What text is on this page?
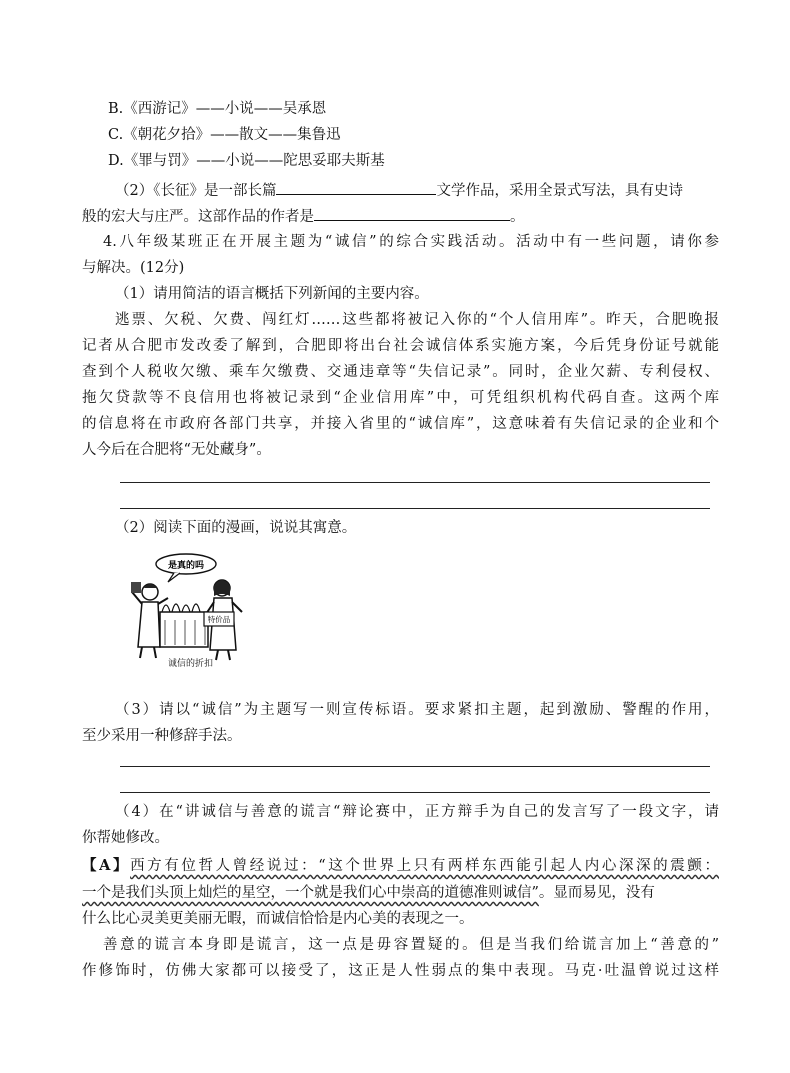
B.《西游记》——小说——吴承恩
C.《朝花夕拾》——散文——集鲁迅
D.《罪与罚》——小说——陀思妥耶夫斯基
（2）《长征》是一部长篇	文学作品，采用全景式写法，具有史诗
般的宏大与庄严。这部作品的作者是	。
4.八年级某班正在开展主题为“诚信”的综合实践活动。活动中有一些问题，请你参
与解决。(12分)
（1）请用简洁的语言概括下列新闻的主要内容。
逃票、欠税、欠费、闯红灯……这些都将被记入你的“个人信用库”。昨天，合肥晚报
记者从合肥市发改委了解到，合肥即将出台社会诚信体系实施方案，今后凭身份证号就能
查到个人税收欠缴、乘车欠缴费、交通违章等“失信记录”。同时，企业欠薪、专利侵权、
拖欠贷款等不良信用也将被记录到“企业信用库”中，可凭组织机构代码自查。这两个库
的信息将在市政府各部门共享，并接入省里的“诚信库”，这意味着有失信记录的企业和个
人今后在合肥将“无处藏身”。
（2）阅读下面的漫画，说说其寓意。
是真的吗
特价品
诚信的折扣
（3）请以“诚信”为主题写一则宣传标语。要求紧扣主题，起到激励、警醒的作用，
至少采用一种修辞手法。
（4）在“讲诚信与善意的谎言“辩论赛中，正方辩手为自己的发言写了一段文字，请
你帮她修改。
【A】西方有位哲人曾经说过：“这个世界上只有两样东西能引起人内心深深的震颤：
一个是我们头顶上灿烂的星空，一个就是我们心中崇高的道德准则诚信”。显而易见，没有
什么比心灵美更美丽无暇，而诚信恰恰是内心美的表现之一。
善意的谎言本身即是谎言，这一点是毋容置疑的。但是当我们给谎言加上“善意的”
作修饰时，仿佛大家都可以接受了，这正是人性弱点的集中表现。马克·吐温曾说过这样
